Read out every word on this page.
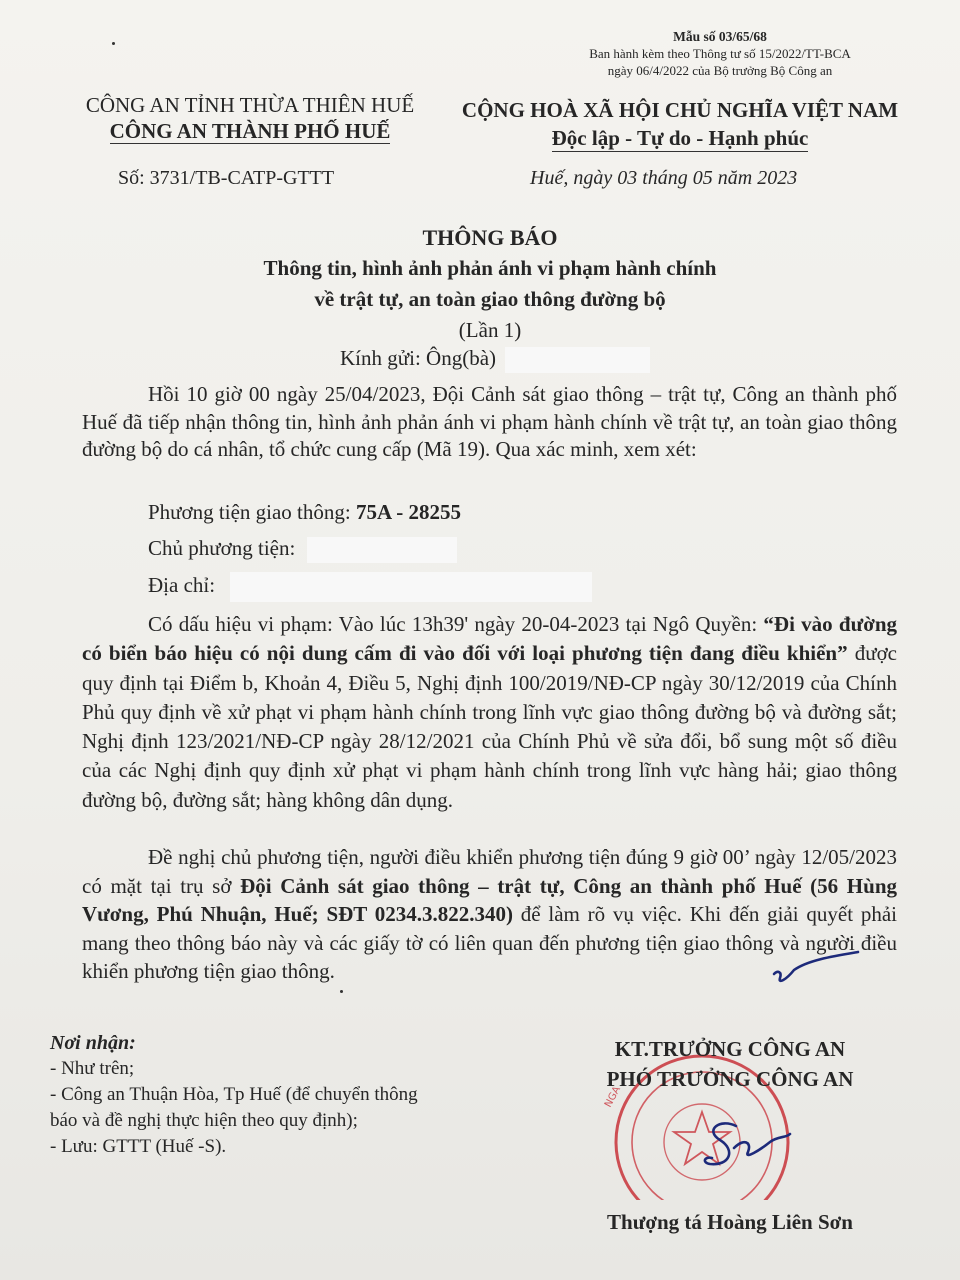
Mẫu số 03/65/68
Ban hành kèm theo Thông tư số 15/2022/TT-BCA
ngày 06/4/2022 của Bộ trưởng Bộ Công an
CÔNG AN TỈNH THỪA THIÊN HUẾ
CÔNG AN THÀNH PHỐ HUẾ
CỘNG HOÀ XÃ HỘI CHỦ NGHĨA VIỆT NAM
Độc lập - Tự do - Hạnh phúc
Số: 3731/TB-CATP-GTTT	Huế, ngày 03 tháng 05 năm 2023
THÔNG BÁO
Thông tin, hình ảnh phản ánh vi phạm hành chính
về trật tự, an toàn giao thông đường bộ
(Lần 1)
Kính gửi: Ông(bà)

Hồi 10 giờ 00 ngày 25/04/2023, Đội Cảnh sát giao thông – trật tự, Công an thành phố Huế đã tiếp nhận thông tin, hình ảnh phản ánh vi phạm hành chính về trật tự, an toàn giao thông đường bộ do cá nhân, tổ chức cung cấp (Mã 19). Qua xác minh, xem xét:

Phương tiện giao thông: 75A - 28255
Chủ phương tiện:
Địa chỉ:

Có dấu hiệu vi phạm: Vào lúc 13h39' ngày 20-04-2023 tại Ngô Quyền: “Đi vào đường có biển báo hiệu có nội dung cấm đi vào đối với loại phương tiện đang điều khiển” được quy định tại Điểm b, Khoản 4, Điều 5, Nghị định 100/2019/NĐ-CP ngày 30/12/2019 của Chính Phủ quy định về xử phạt vi phạm hành chính trong lĩnh vực giao thông đường bộ và đường sắt; Nghị định 123/2021/NĐ-CP ngày 28/12/2021 của Chính Phủ về sửa đổi, bổ sung một số điều của các Nghị định quy định xử phạt vi phạm hành chính trong lĩnh vực hàng hải; giao thông đường bộ, đường sắt; hàng không dân dụng.

Đề nghị chủ phương tiện, người điều khiển phương tiện đúng 9 giờ 00’ ngày 12/05/2023 có mặt tại trụ sở Đội Cảnh sát giao thông – trật tự, Công an thành phố Huế (56 Hùng Vương, Phú Nhuận, Huế; SĐT 0234.3.822.340) để làm rõ vụ việc. Khi đến giải quyết phải mang theo thông báo này và các giấy tờ có liên quan đến phương tiện giao thông và người điều khiển phương tiện giao thông.

Nơi nhận:
- Như trên;
- Công an Thuận Hòa, Tp Huế (để chuyển thông
báo và đề nghị thực hiện theo quy định);
- Lưu: GTTT (Huế -S).
NGA
KT.TRƯỞNG CÔNG AN
PHÓ TRƯỞNG CÔNG AN
Thượng tá Hoàng Liên Sơn
